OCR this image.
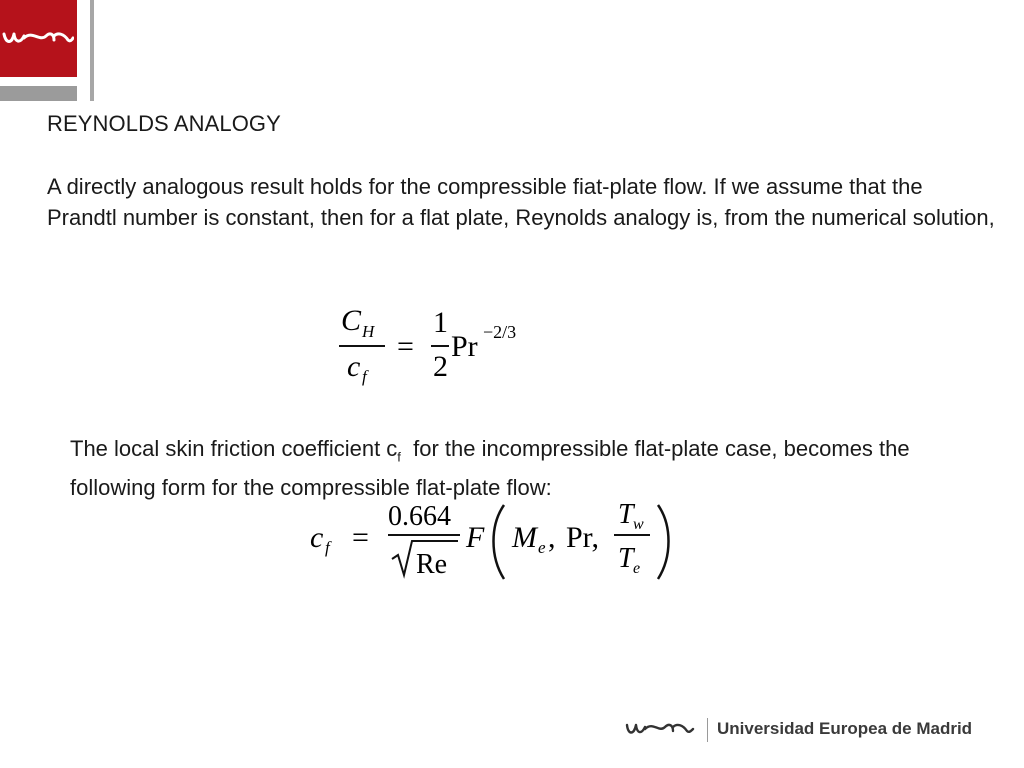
REYNOLDS ANALOGY
A directly analogous result holds for the compressible fiat-plate flow. If we assume that the Prandtl number is constant, then for a flat plate, Reynolds analogy is, from the numerical solution,
C H
c f
=
1
2
Pr −2/3
The local skin friction coefficient $c_f$  for the incompressible flat-plate case, becomes the following form for the compressible flat-plate flow:
c f =
0.664
Re
F M e , Pr,
T w
T e
Universidad Europea de Madrid
